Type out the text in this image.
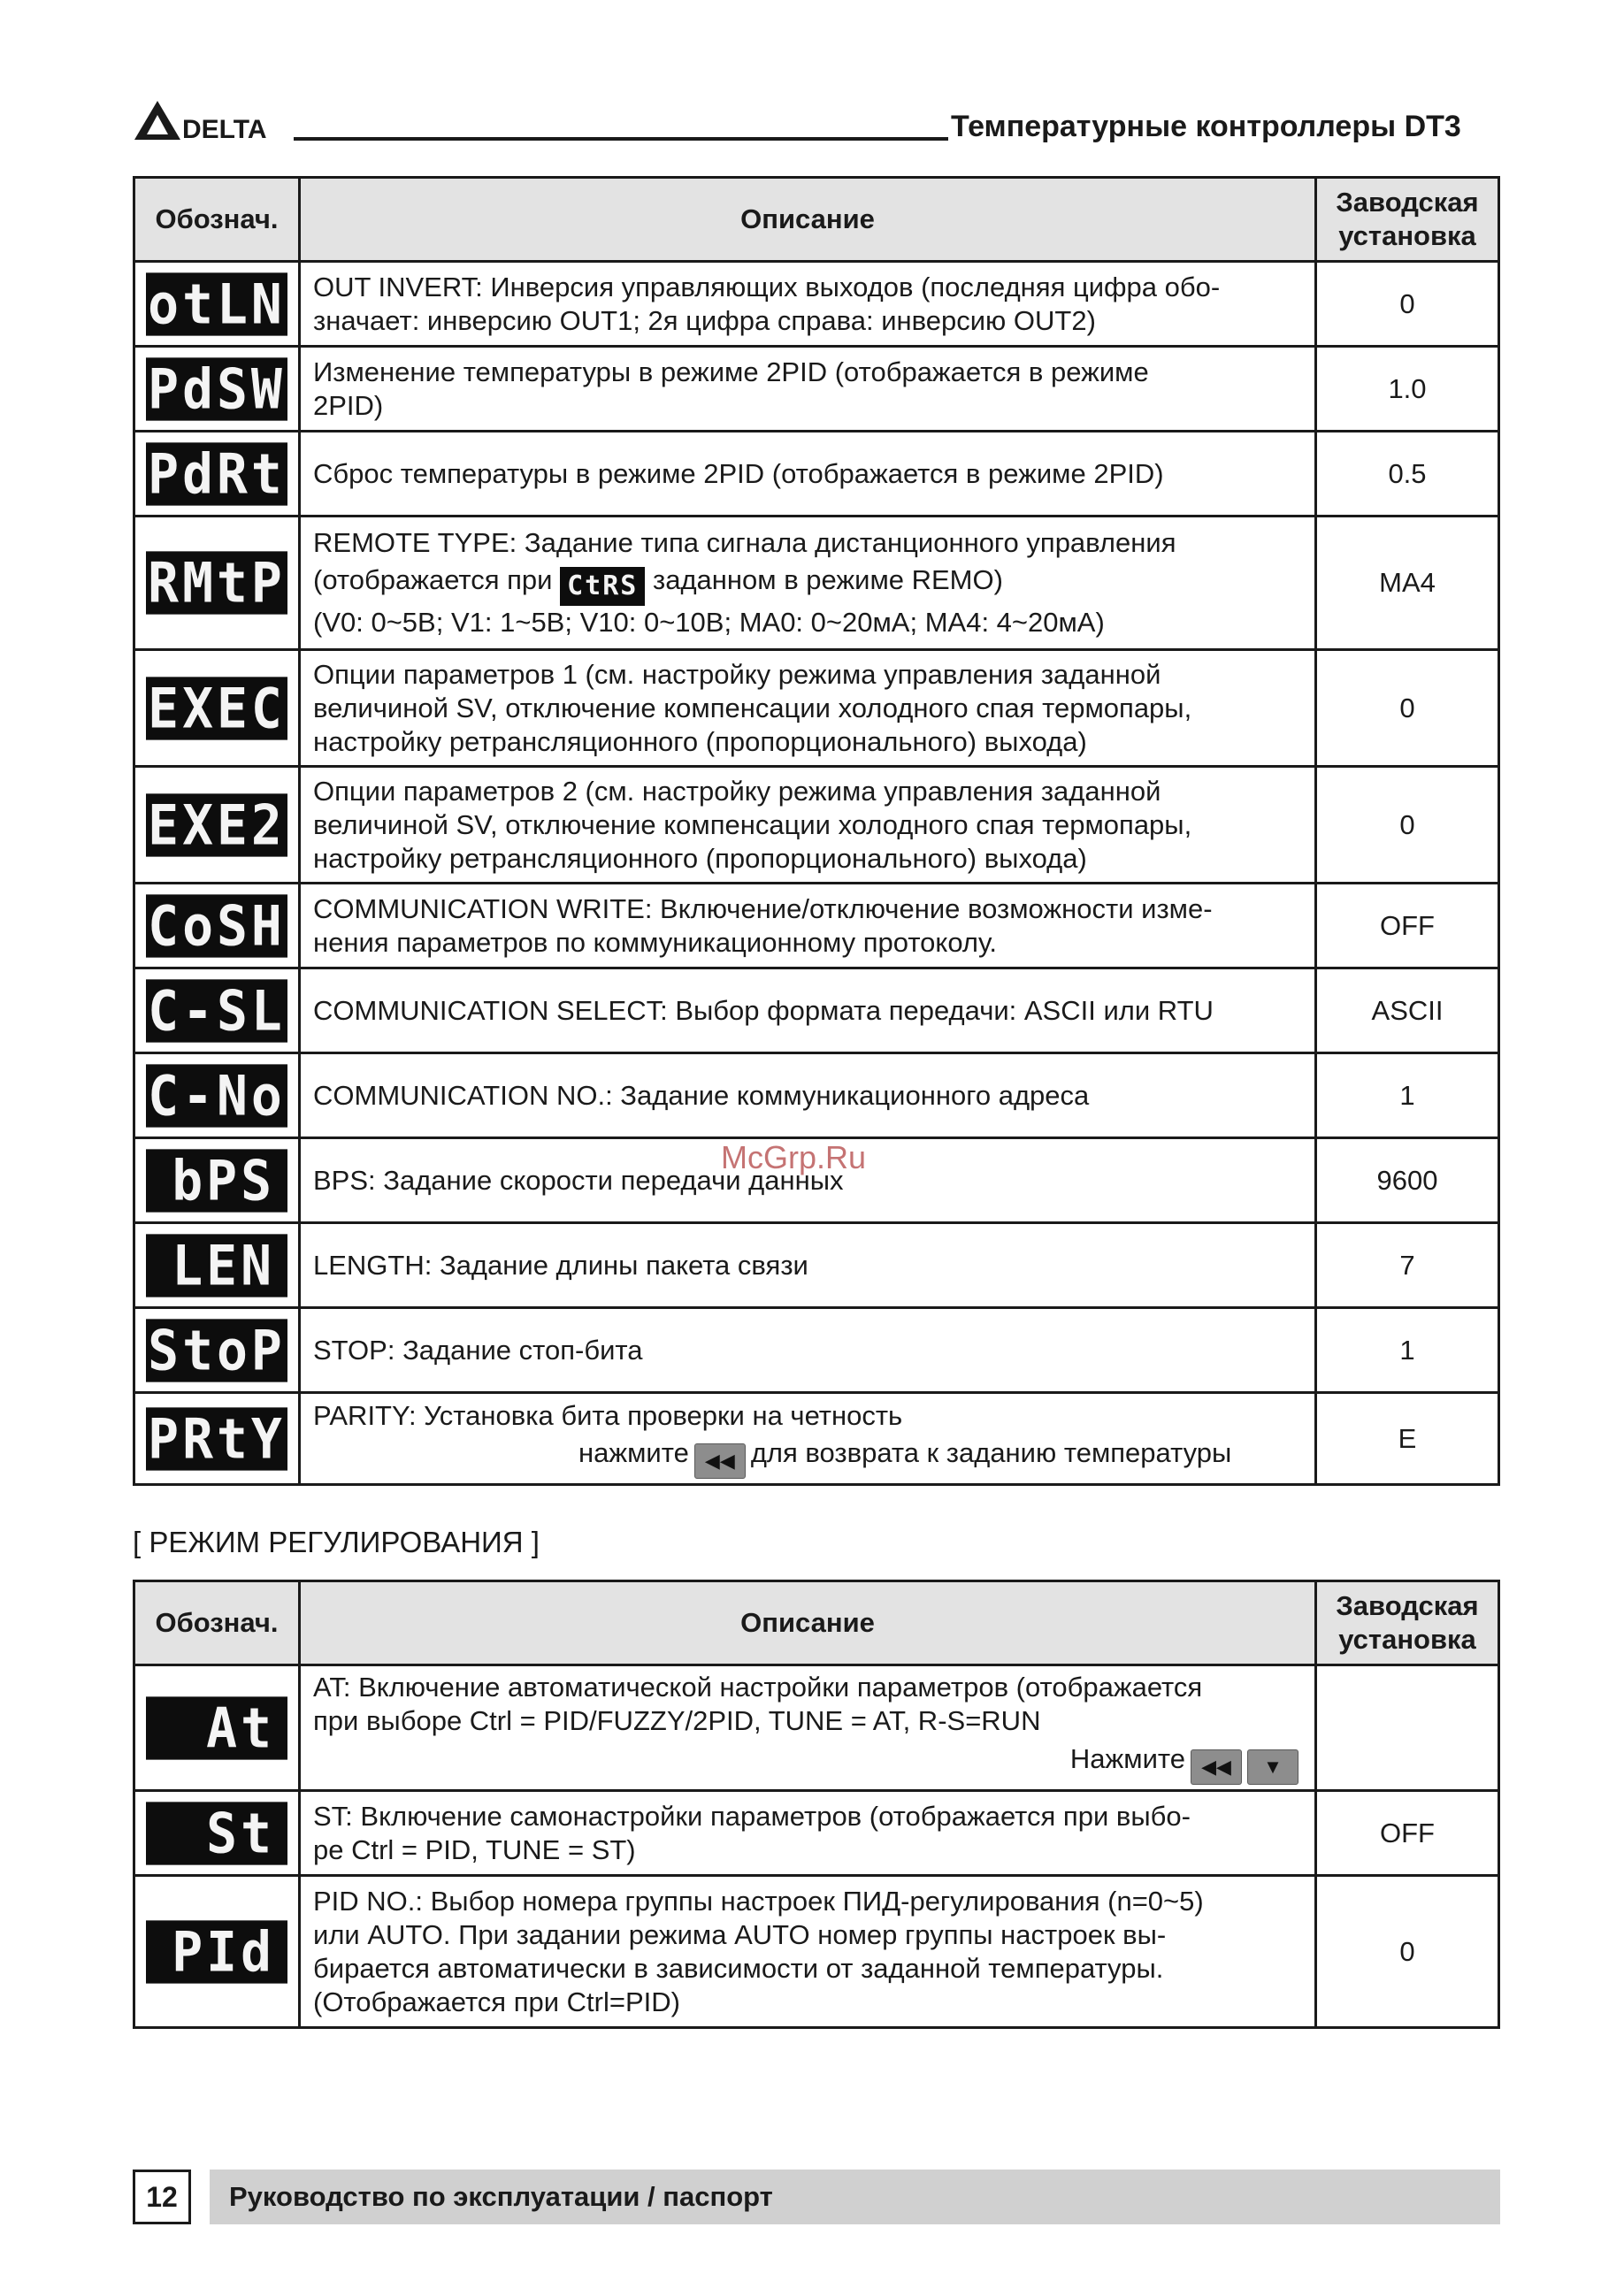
DELTA	Температурные контроллеры DT3
Обознач.	Описание	Заводская
установка

otLN	OUT INVERT: Инверсия управляющих выходов (последняя цифра обо-
значает: инверсию OUT1; 2я цифра справа: инверсию OUT2)	0
PdSW	Изменение температуры в режиме 2PID (отображается в режиме
2PID)	1.0
PdRt	Сброс температуры в режиме 2PID (отображается в режиме 2PID)	0.5
RMtP	REMOTE TYPE: Задание типа сигнала дистанционного управления
(отображается при CtRS заданном в режиме REMO)
(V0: 0~5В; V1: 1~5В; V10: 0~10В; MA0: 0~20мА; MA4: 4~20мА)	MA4
EXEC	Опции параметров 1 (см. настройку режима управления заданной
величиной SV, отключение компенсации холодного спая термопары,
настройку ретрансляционного (пропорционального) выхода)	0
EXE2	Опции параметров 2 (см. настройку режима управления заданной
величиной SV, отключение компенсации холодного спая термопары,
настройку ретрансляционного (пропорционального) выхода)	0
CoSH	COMMUNICATION WRITE: Включение/отключение возможности изме-
нения параметров по коммуникационному протоколу.	OFF
C-SL	COMMUNICATION SELECT: Выбор формата передачи: ASCII или RTU	ASCII
C-No	COMMUNICATION NO.: Задание коммуникационного адреса	1
bPS	BPS: Задание скорости передачи данных	9600
LEN	LENGTH: Задание длины пакета связи	7
StoP	STOP: Задание стоп-бита	1
PRtY	PARITY: Установка бита проверки на четность
нажмите ◀◀ для возврата к заданию температуры	E
[ РЕЖИМ РЕГУЛИРОВАНИЯ ]
Обознач.	Описание	Заводская
установка

At	AT: Включение автоматической настройки параметров (отображается
при выборе Ctrl = PID/FUZZY/2PID, TUNE = AT, R-S=RUN
Нажмите ◀◀ ▼	

St	ST: Включение самонастройки параметров (отображается при выбо-
ре Ctrl = PID, TUNE = ST)	OFF
PId	PID NO.: Выбор номера группы настроек ПИД-регулирования (n=0~5)
или AUTO. При задании режима AUTO номер группы настроек вы-
бирается автоматически в зависимости от заданной температуры.
(Отображается при Ctrl=PID)	0
McGrp.Ru
12	Руководство по эксплуатации / паспорт
